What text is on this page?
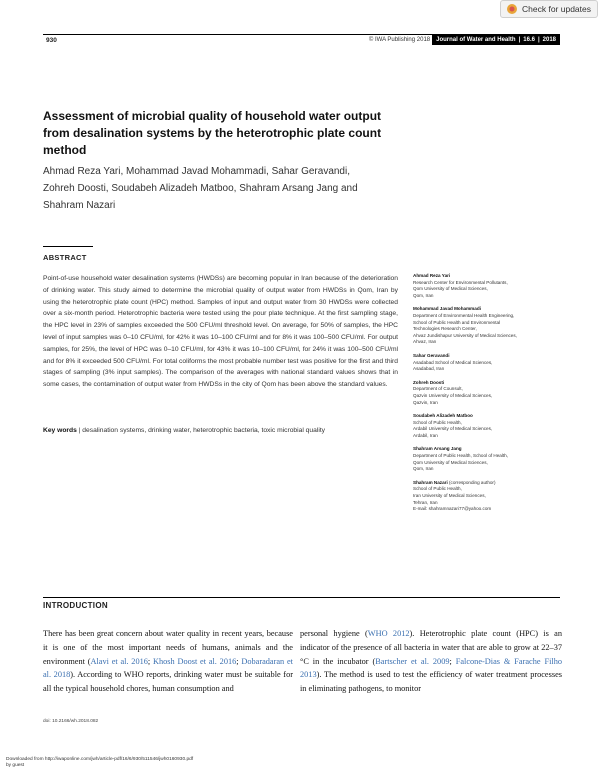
Check for updates
930	© IWA Publishing 2018	Journal of Water and Health | 16.6 | 2018
Assessment of microbial quality of household water output from desalination systems by the heterotrophic plate count method
Ahmad Reza Yari, Mohammad Javad Mohammadi, Sahar Geravandi, Zohreh Doosti, Soudabeh Alizadeh Matboo, Shahram Arsang Jang and Shahram Nazari
ABSTRACT

Point-of-use household water desalination systems (HWDSs) are becoming popular in Iran because of the deterioration of drinking water. This study aimed to determine the microbial quality of output water from HWDSs in Qom, Iran by using the heterotrophic plate count (HPC) method. Samples of input and output water from 30 HWDSs were collected over a six-month period. Heterotrophic bacteria were tested using the pour plate technique. At the first sampling stage, the HPC level in 23% of samples exceeded the 500 CFU/ml threshold level. On average, for 50% of samples, the HPC level of input samples was 0–10 CFU/ml, for 42% it was 10–100 CFU/ml and for 8% it was 100–500 CFU/ml. For output samples, for 25%, the level of HPC was 0–10 CFU/ml, for 43% it was 10–100 CFU/ml, for 24% it was 100–500 CFU/ml and for 8% it exceeded 500 CFU/ml. For total coliforms the most probable number test was positive for the first and third stages of sampling (3% input samples). The comparison of the averages with national standard values shows that in some cases, the contamination of output water from HWDSs in the city of Qom has been above the standard values.

Key words | desalination systems, drinking water, heterotrophic bacteria, toxic microbial quality
Ahmad Reza Yari
Research Center for Environmental Pollutants,
Qom University of Medical Sciences,
Qom, Iran
Mohammad Javad Mohammadi
Department of Environmental Health Engineering,
School of Public Health and Environmental
Technologies Research Center,
Ahvaz Jundishapur University of Medical Sciences,
Ahvaz, Iran
Sahar Geravandi
Asadabad School of Medical Sciences,
Asadabad, Iran
Zohreh Doosti
Department of Counsult,
Qazvin University of Medical Sciences,
Qazvin, Iran
Soudabeh Alizadeh Matboo
School of Public Health,
Ardabil University of Medical Sciences,
Ardabil, Iran
Shahram Arsang Jang
Department of Public Health, School of Health,
Qom University of Medical Sciences,
Qom, Iran
Shahram Nazari (corresponding author)
School of Public Health,
Iran University of Medical Sciences,
Tehran, Iran
E-mail: shahramnazari77@yahoo.com
INTRODUCTION

There has been great concern about water quality in recent years, because it is one of the most important needs of humans, animals and the environment (Alavi et al. 2016; Khosh Doost et al. 2016; Dobaradaran et al. 2018). According to WHO reports, drinking water must be suitable for all the typical household chores, human consumption and

personal hygiene (WHO 2012). Heterotrophic plate count (HPC) is an indicator of the presence of all bacteria in water that are able to grow at 22–37 °C in the incubator (Bartscher et al. 2009; Falcone-Dias & Farache Filho 2013). The method is used to test the efficiency of water treatment processes in eliminating pathogens, to monitor

doi: 10.2166/wh.2018.082
Downloaded from http://iwaponline.com/jwh/article-pdf/16/6/930/511546/jwh0160930.pdf
by guest
